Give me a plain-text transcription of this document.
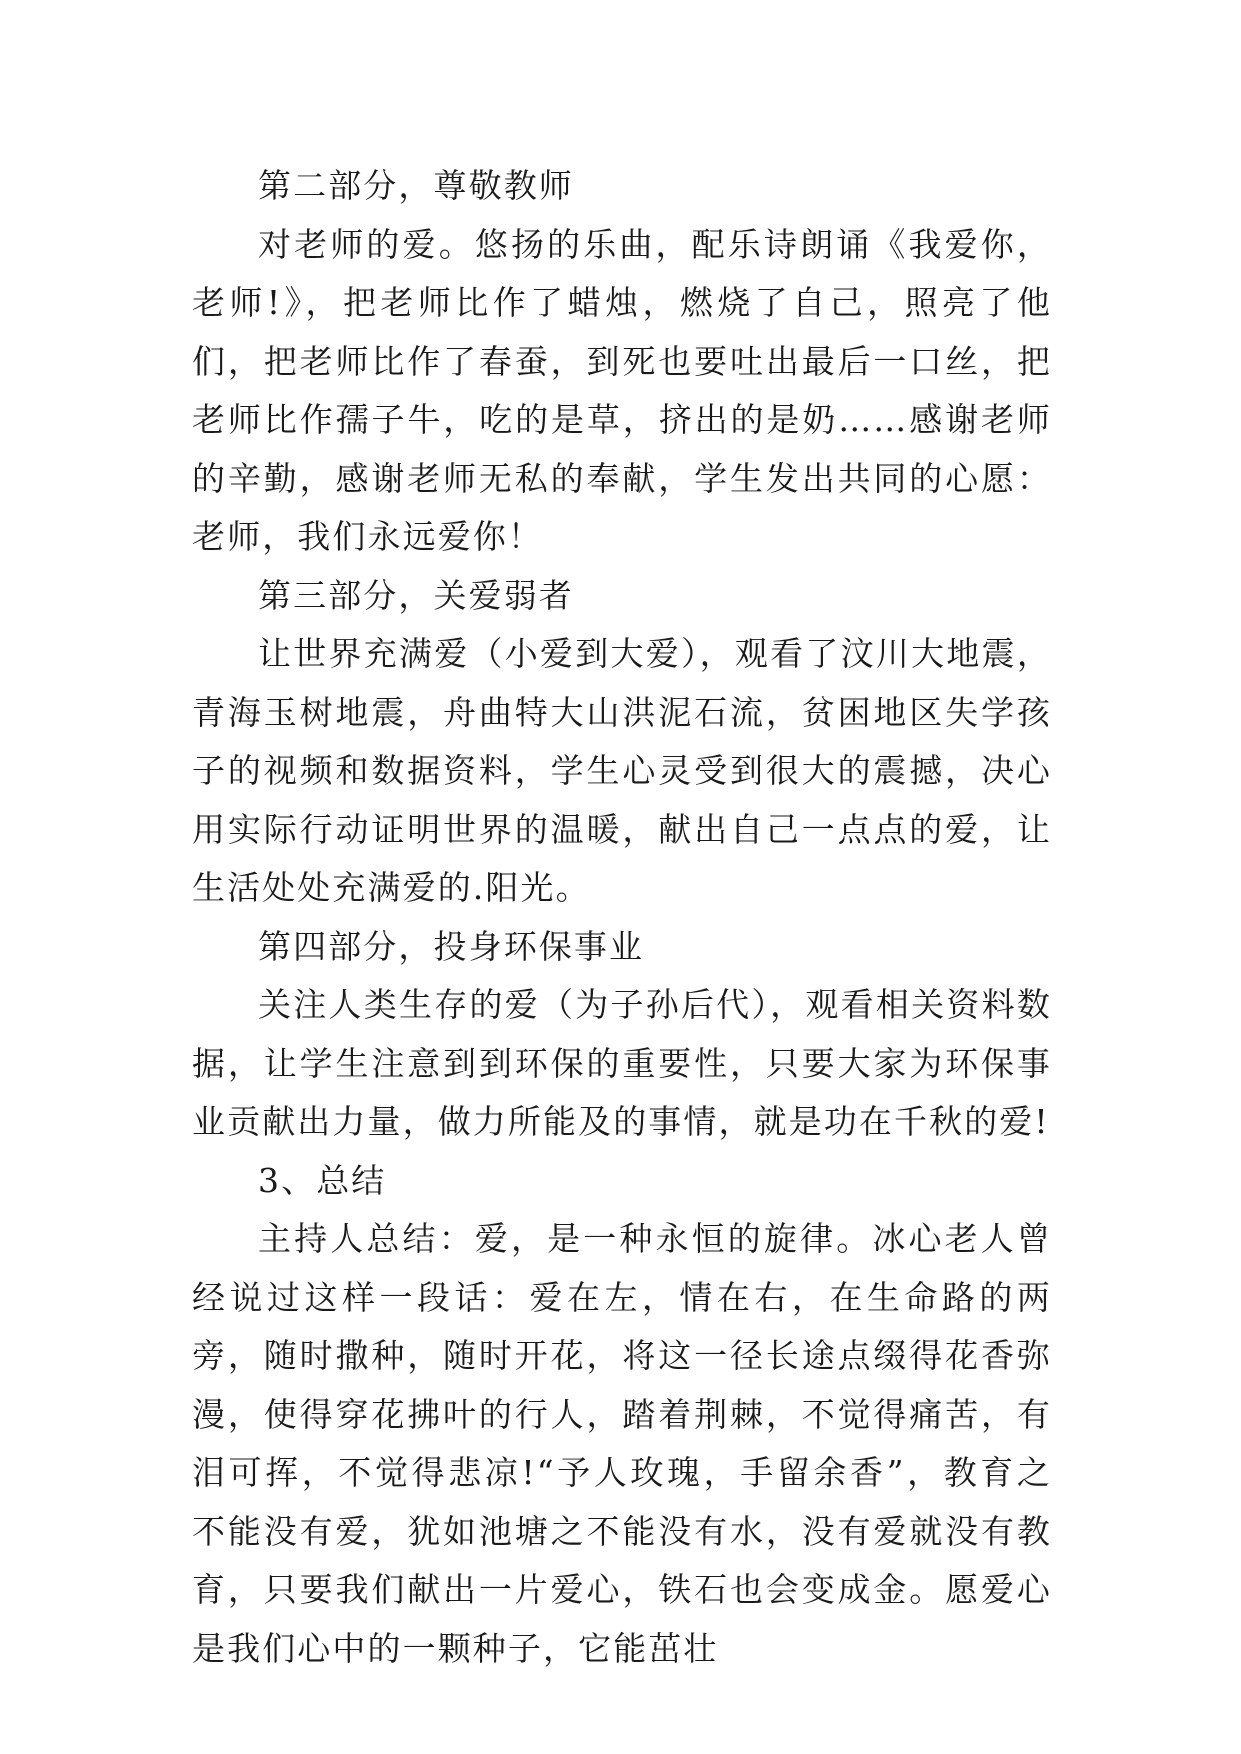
第二部分，尊敬教师

对老师的爱。悠扬的乐曲，配乐诗朗诵《我爱你，老师!》，把老师比作了蜡烛，燃烧了自己，照亮了他们，把老师比作了春蚕，到死也要吐出最后一口丝，把老师比作孺子牛，吃的是草，挤出的是奶……感谢老师的辛勤，感谢老师无私的奉献，学生发出共同的心愿：老师，我们永远爱你！

第三部分，关爱弱者

让世界充满爱（小爱到大爱），观看了汶川大地震，青海玉树地震，舟曲特大山洪泥石流，贫困地区失学孩子的视频和数据资料，学生心灵受到很大的震撼，决心用实际行动证明世界的温暖，献出自己一点点的爱，让生活处处充满爱的.阳光。

第四部分，投身环保事业

关注人类生存的爱（为子孙后代），观看相关资料数据，让学生注意到到环保的重要性，只要大家为环保事业贡献出力量，做力所能及的事情，就是功在千秋的爱!

3、总结

主持人总结：爱，是一种永恒的旋律。冰心老人曾经说过这样一段话：爱在左，情在右，在生命路的两旁，随时撒种，随时开花，将这一径长途点缀得花香弥漫，使得穿花拂叶的行人，踏着荆棘，不觉得痛苦，有泪可挥，不觉得悲凉!“予人玫瑰，手留余香”，教育之不能没有爱，犹如池塘之不能没有水，没有爱就没有教育，只要我们献出一片爱心，铁石也会变成金。愿爱心是我们心中的一颗种子，它能茁壮
